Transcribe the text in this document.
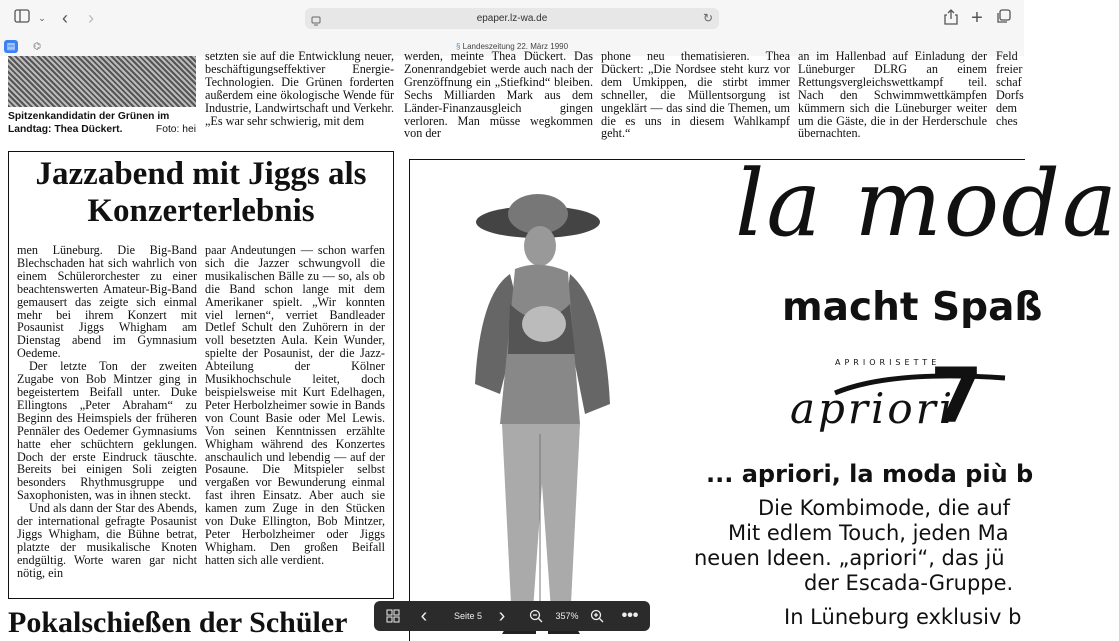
⌄ ‹ ›	epaper.lz-wa.de	↻	+
▤	⌬	§ Landeszeitung 22. März 1990
Spitzenkandidatin der Grünen im Landtag: Thea Dückert.	Foto: hei
setzten sie auf die Entwicklung neuer, beschäftigungseffektiver Energie-Technologien. Die Grünen forderten außerdem eine ökologische Wende für Industrie, Landwirtschaft und Verkehr. „Es war sehr schwierig, mit dem
werden, meinte Thea Dückert. Das Zonenrandgebiet werde auch nach der Grenzöffnung ein „Stiefkind“ bleiben. Sechs Milliarden Mark aus dem Länder-Finanzausgleich gingen verloren. Man müsse wegkommen von der
phone neu thematisieren. Thea Dückert: „Die Nordsee steht kurz vor dem Umkippen, die stirbt immer schneller, die Müllentsorgung ist ungeklärt — das sind die Themen, um die es uns in diesem Wahlkampf geht.“
an im Hallenbad auf Einladung der Lüneburger DLRG an einem Rettungsvergleichswettkampf teil. Nach den Schwimmwettkämpfen kümmern sich die Lüneburger weiter um die Gäste, die in der Herderschule übernachten.
Feld freier schaf Dorfs dem ches
Jazzabend mit Jiggs als Konzerterlebnis

men Lüneburg. Die Big-Band Blechschaden hat sich wahrlich von einem Schülerorchester zu einer beachtenswerten Amateur-Big-Band gemausert das zeigte sich einmal mehr bei ihrem Konzert mit Posaunist Jiggs Whigham am Dienstag abend im Gymnasium Oedeme.

Der letzte Ton der zweiten Zugabe von Bob Mintzer ging in begeistertem Beifall unter. Duke Ellingtons „Peter Abraham“ zu Beginn des Heimspiels der früheren Pennäler des Oedemer Gymnasiums hatte eher schüchtern geklungen. Doch der erste Eindruck täuschte. Bereits bei einigen Soli zeigten besonders Rhythmusgruppe und Saxophonisten, was in ihnen steckt.

Und als dann der Star des Abends, der international gefragte Posaunist Jiggs Whigham, die Bühne betrat, platzte der musikalische Knoten endgültig. Worte waren gar nicht nötig, ein

paar Andeutungen — schon warfen sich die Jazzer schwungvoll die musikalischen Bälle zu — so, als ob die Band schon lange mit dem Amerikaner spielt. „Wir konnten viel lernen“, verriet Bandleader Detlef Schult den Zuhörern in der voll besetzten Aula. Kein Wunder, spielte der Posaunist, der die Jazz-Abteilung der Kölner Musikhochschule leitet, doch beispielsweise mit Kurt Edelhagen, Peter Herbolzheimer sowie in Bands von Count Basie oder Mel Lewis. Von seinen Kenntnissen erzählte Whigham während des Konzertes anschaulich und lebendig — auf der Posaune. Die Mitspieler selbst vergaßen vor Bewunderung einmal fast ihren Einsatz. Aber auch sie kamen zum Zuge in den Stücken von Duke Ellington, Bob Mintzer, Peter Herbolzheimer oder Jiggs Whigham. Den großen Beifall hatten sich alle verdient.
Pokalschießen der Schüler
la moda
macht Spaß
APRIORISETTE
7
apriori
... apriori, la moda più b
Die Kombimode, die auf
Mit edlem Touch, jeden Ma
neuen Ideen. „apriori“, das jü
der Escada-Gruppe.
In Lüneburg exklusiv b
‹	Seite 5 ›	357%	•••
